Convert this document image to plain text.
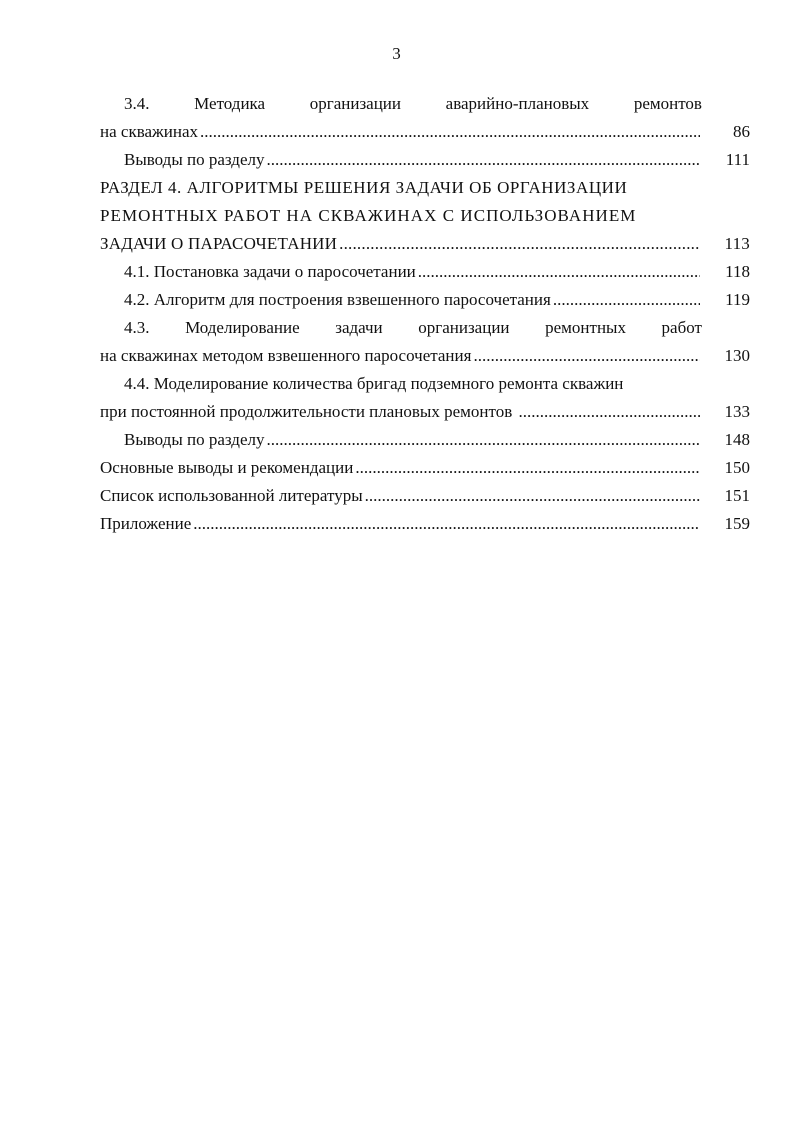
3
3.4.	Методика	организации	аварийно-плановых	ремонтов
на скважинах .....	86
Выводы по разделу .....	111
РАЗДЕЛ 4. АЛГОРИТМЫ РЕШЕНИЯ ЗАДАЧИ ОБ ОРГАНИЗАЦИИ
РЕМОНТНЫХ РАБОТ НА СКВАЖИНАХ С ИСПОЛЬЗОВАНИЕМ
ЗАДАЧИ О ПАРАСОЧЕТАНИИ .....	113
4.1. Постановка задачи о паросочетании .....	118
4.2. Алгоритм для построения взвешенного паросочетания .....	119
4.3. Моделирование задачи организации ремонтных работ
на скважинах методом взвешенного паросочетания .....	130
4.4. Моделирование количества бригад подземного ремонта скважин
при постоянной продолжительности плановых ремонтов .....	133
Выводы по разделу .....	148
Основные выводы и рекомендации .....	150
Список использованной литературы .....	151
Приложение .....	159
